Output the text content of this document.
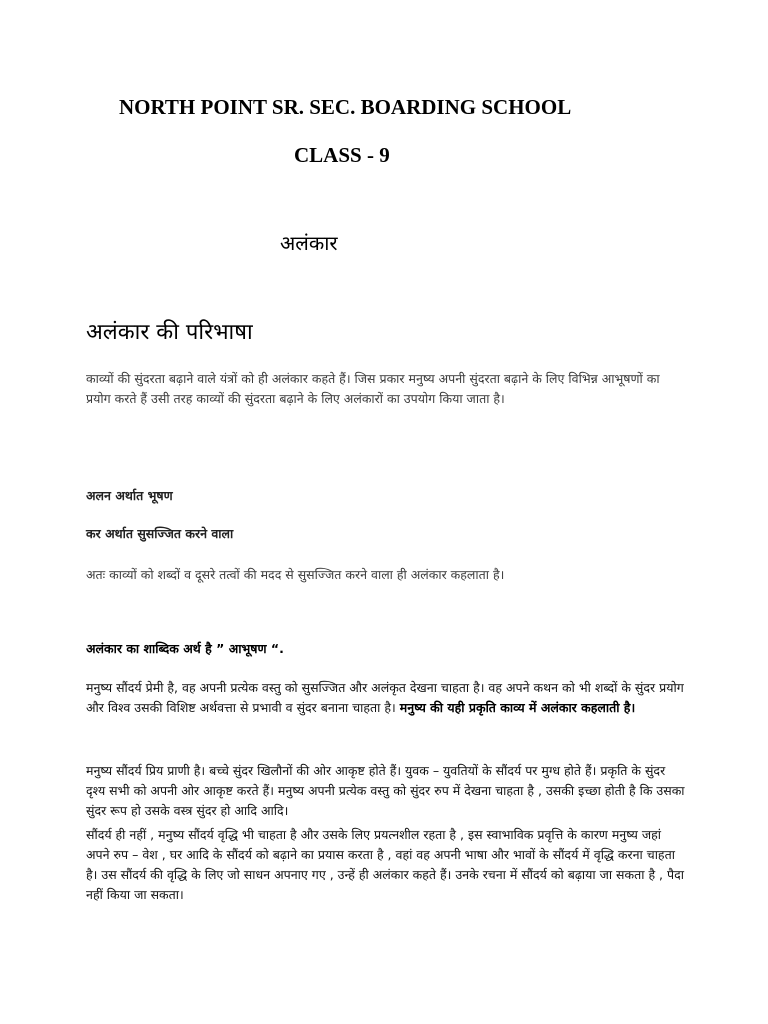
NORTH POINT SR. SEC. BOARDING SCHOOL
CLASS - 9
अलंकार
अलंकार की परिभाषा
काव्यों की सुंदरता बढ़ाने वाले यंत्रों को ही अलंकार कहते हैं। जिस प्रकार मनुष्य अपनी सुंदरता बढ़ाने के लिए विभिन्न आभूषणों का प्रयोग करते हैं उसी तरह काव्यों की सुंदरता बढ़ाने के लिए अलंकारों का उपयोग किया जाता है।
अलन अर्थात भूषण
कर अर्थात सुसज्जित करने वाला
अतः काव्यों को शब्दों व दूसरे तत्वों की मदद से सुसज्जित करने वाला ही अलंकार कहलाता है।
अलंकार का शाब्दिक अर्थ है ” आभूषण “.
मनुष्य सौंदर्य प्रेमी है, वह अपनी प्रत्येक वस्तु को सुसज्जित और अलंकृत देखना चाहता है। वह अपने कथन को भी शब्दों के सुंदर प्रयोग और विश्व उसकी विशिष्ट अर्थवत्ता से प्रभावी व सुंदर बनाना चाहता है। मनुष्य की यही प्रकृति काव्य में अलंकार कहलाती है।
मनुष्य सौंदर्य प्रिय प्राणी है। बच्चे सुंदर खिलौनों की ओर आकृष्ट होते हैं। युवक – युवतियों के सौंदर्य पर मुग्ध होते हैं। प्रकृति के सुंदर दृश्य सभी को अपनी ओर आकृष्ट करते हैं। मनुष्य अपनी प्रत्येक वस्तु को सुंदर रुप में देखना चाहता है , उसकी इच्छा होती है कि उसका सुंदर रूप हो उसके वस्त्र सुंदर हो आदि आदि।
सौंदर्य ही नहीं , मनुष्य सौंदर्य वृद्धि भी चाहता है और उसके लिए प्रयत्नशील रहता है , इस स्वाभाविक प्रवृत्ति के कारण मनुष्य जहां अपने रुप – वेश , घर आदि के सौंदर्य को बढ़ाने का प्रयास करता है , वहां वह अपनी भाषा और भावों के सौंदर्य में वृद्धि करना चाहता है। उस सौंदर्य की वृद्धि के लिए जो साधन अपनाए गए , उन्हें ही अलंकार कहते हैं। उनके रचना में सौंदर्य को बढ़ाया जा सकता है , पैदा नहीं किया जा सकता।
